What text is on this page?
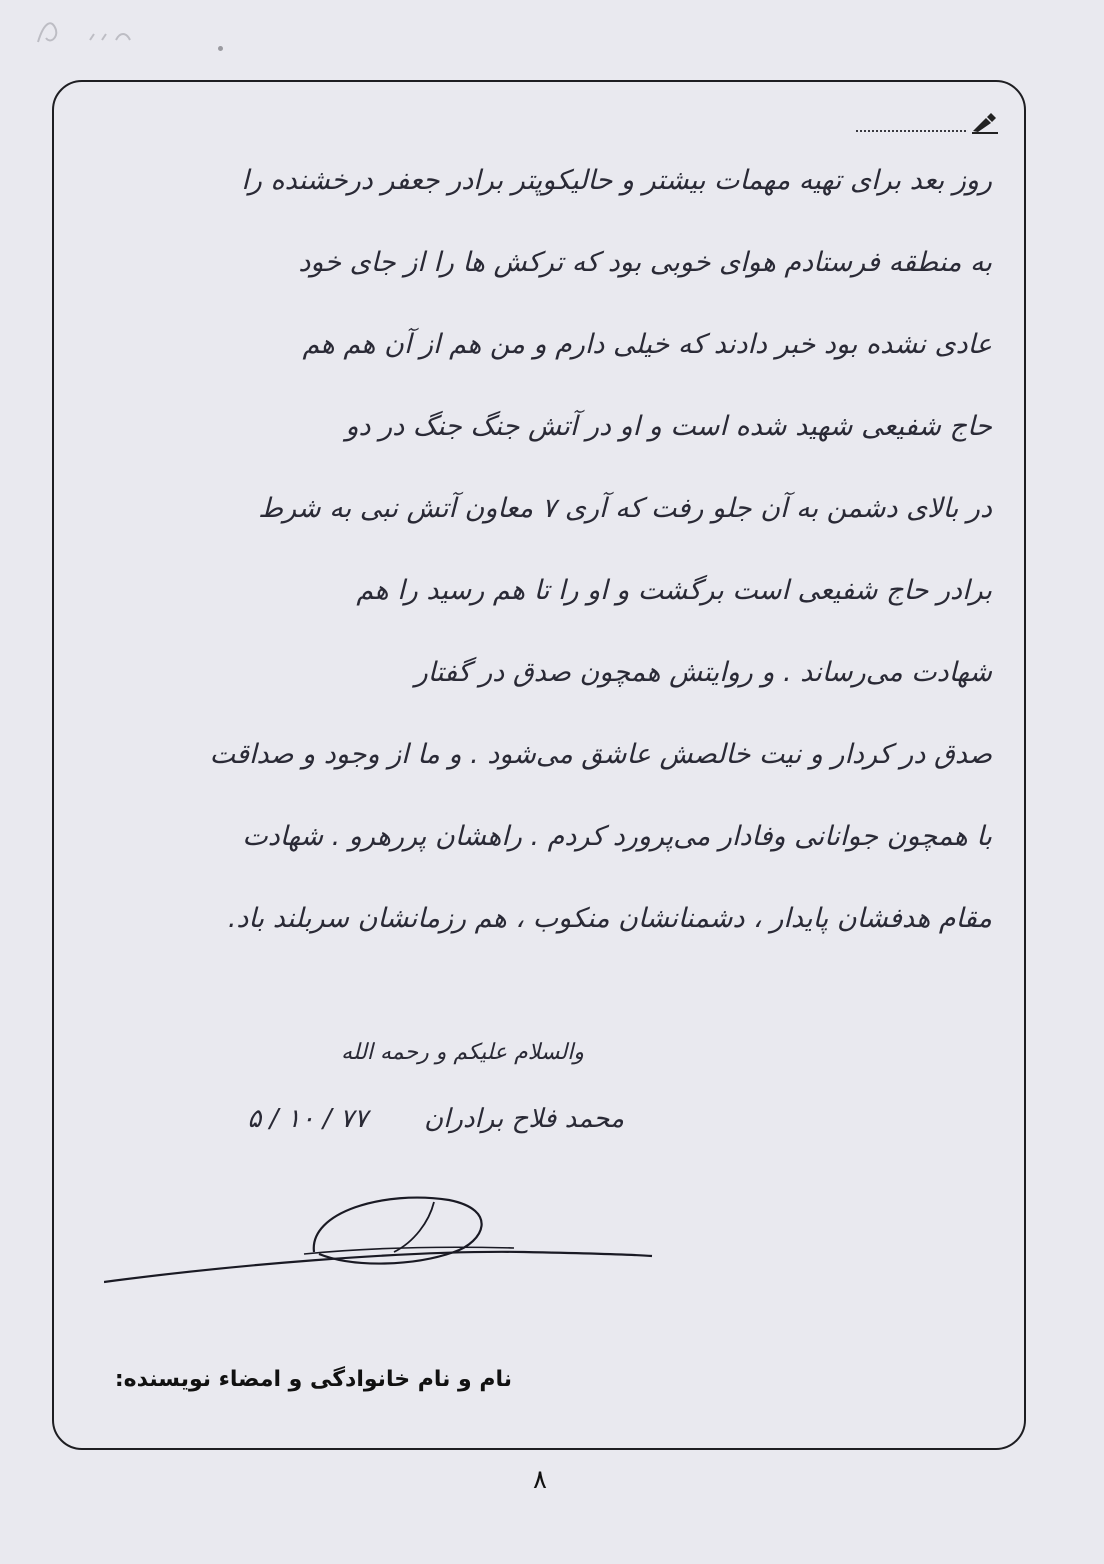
روز بعد برای تهیه مهمات بیشتر و حالیکوپتر برادر جعفر درخشنده را
به منطقه فرستادم هوای خوبی بود که ترکش ها را از جای خود
عادی نشده بود خبر دادند که خیلی دارم و من هم از آن هم هم
حاج شفیعی شهید شده است و او در آتش جنگ جنگ در دو
در بالای دشمن به آن جلو رفت که آری ۷ معاون آتش نبی به شرط
برادر حاج شفیعی است برگشت و او را تا هم رسید را هم
شهادت می‌رساند . و روایتش همچون صدق در گفتار
صدق در کردار و نیت خالصش عاشق می‌شود . و ما از وجود و صداقت
با همچون جوانانی وفادار می‌پرورد کردم . راهشان پررهرو . شهادت
مقام هدفشان پایدار ، دشمنانشان منکوب ، هم رزمانشان سربلند باد.
والسلام علیکم و رحمه الله
محمد فلاح برادران ۷۷ / ۱۰ / ۵
نام و نام خانوادگی و امضاء نویسنده:
۸
